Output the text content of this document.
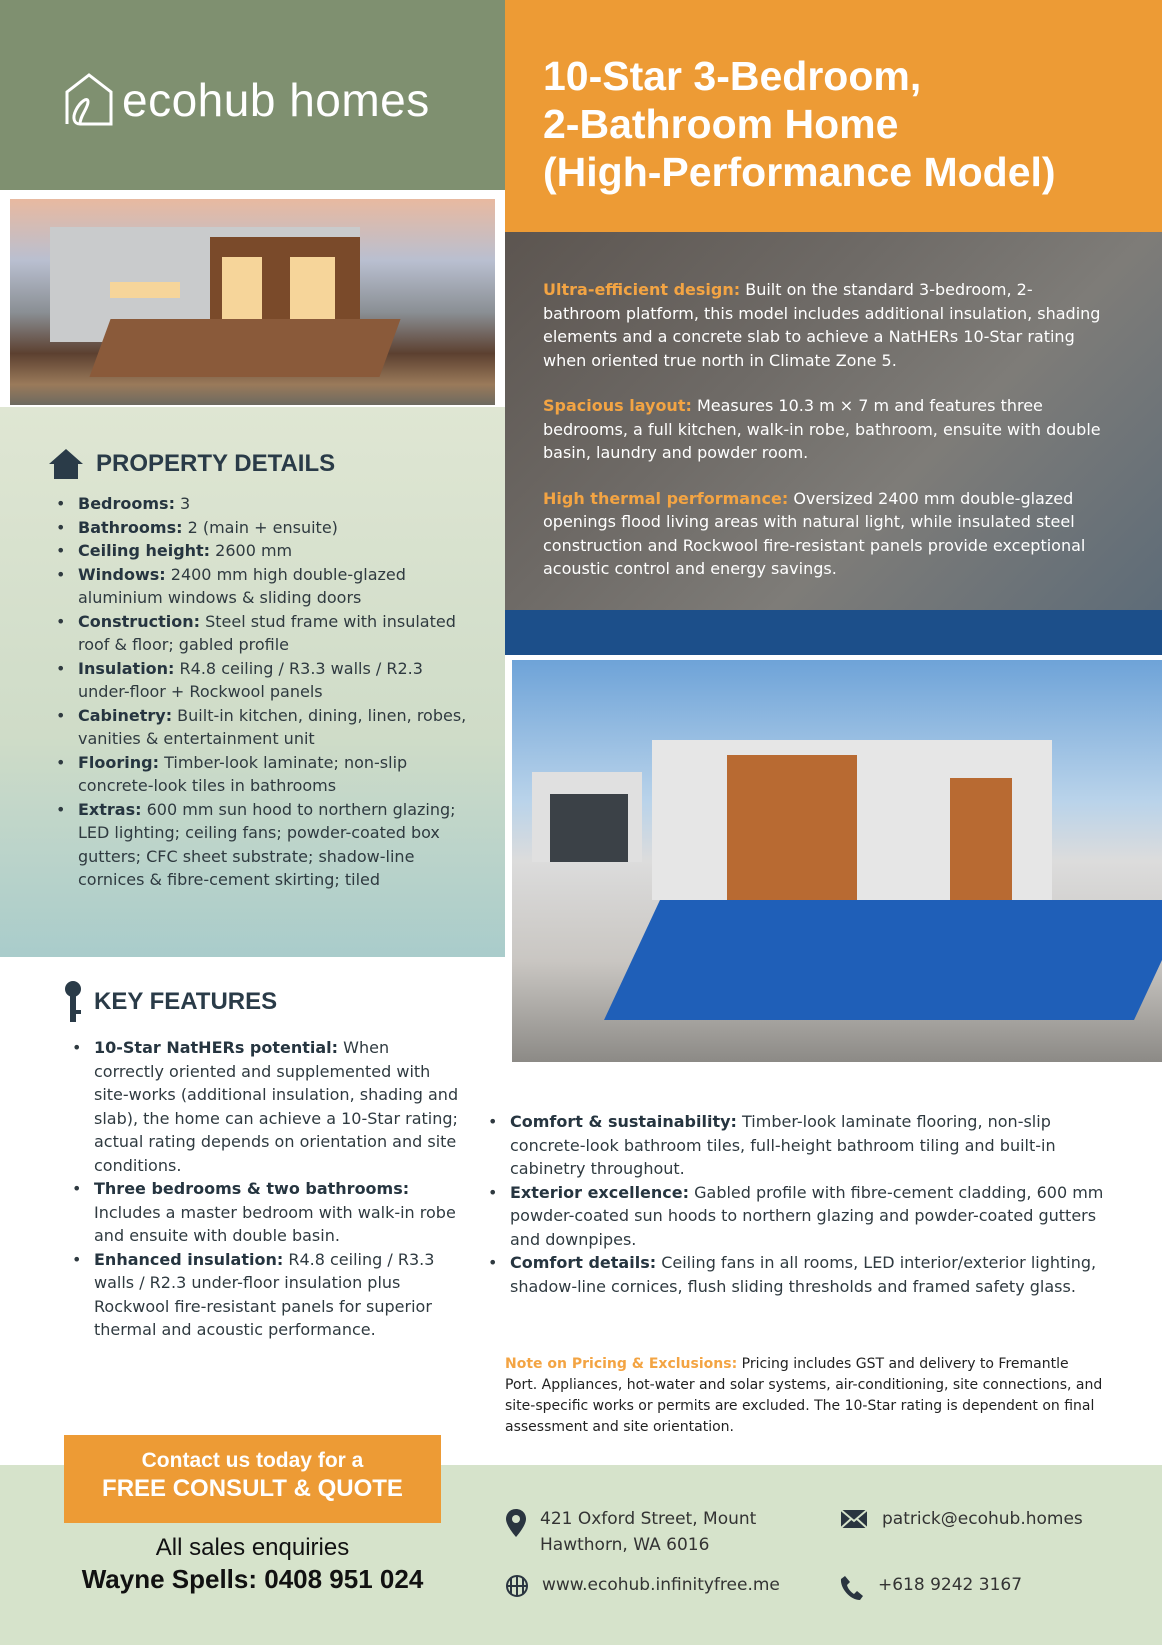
ecohub homes	10-Star 3-Bedroom,
2-Bathroom Home
(High-Performance Model)
PROPERTY DETAILS
• Bedrooms: 3
• Bathrooms: 2 (main + ensuite)
• Ceiling height: 2600 mm
• Windows: 2400 mm high double-glazed aluminium windows & sliding doors
• Construction: Steel stud frame with insulated roof & floor; gabled profile
• Insulation: R4.8 ceiling / R3.3 walls / R2.3 under-floor + Rockwool panels
• Cabinetry: Built-in kitchen, dining, linen, robes, vanities & entertainment unit
• Flooring: Timber-look laminate; non-slip concrete-look tiles in bathrooms
• Extras: 600 mm sun hood to northern glazing; LED lighting; ceiling fans; powder-coated box gutters; CFC sheet substrate; shadow-line cornices & fibre-cement skirting; tiled

Ultra-efficient design: Built on the standard 3-bedroom, 2-bathroom platform, this model includes additional insulation, shading elements and a concrete slab to achieve a NatHERs 10-Star rating when oriented true north in Climate Zone 5.

Spacious layout: Measures 10.3 m × 7 m and features three bedrooms, a full kitchen, walk-in robe, bathroom, ensuite with double basin, laundry and powder room.

High thermal performance: Oversized 2400 mm double-glazed openings flood living areas with natural light, while insulated steel construction and Rockwool fire-resistant panels provide exceptional acoustic control and energy savings.

KEY FEATURES
• 10-Star NatHERs potential: When correctly oriented and supplemented with site-works (additional insulation, shading and slab), the home can achieve a 10-Star rating; actual rating depends on orientation and site conditions.
• Three bedrooms & two bathrooms: Includes a master bedroom with walk-in robe and ensuite with double basin.
• Enhanced insulation: R4.8 ceiling / R3.3 walls / R2.3 under-floor insulation plus Rockwool fire-resistant panels for superior thermal and acoustic performance.
• Comfort & sustainability: Timber-look laminate flooring, non-slip concrete-look bathroom tiles, full-height bathroom tiling and built-in cabinetry throughout.
• Exterior excellence: Gabled profile with fibre-cement cladding, 600 mm powder-coated sun hoods to northern glazing and powder-coated gutters and downpipes.
• Comfort details: Ceiling fans in all rooms, LED interior/exterior lighting, shadow-line cornices, flush sliding thresholds and framed safety glass.
Note on Pricing & Exclusions: Pricing includes GST and delivery to Fremantle Port. Appliances, hot-water and solar systems, air-conditioning, site connections, and site-specific works or permits are excluded. The 10-Star rating is dependent on final assessment and site orientation.
Contact us today for a
FREE CONSULT & QUOTE
All sales enquiries
Wayne Spells: 0408 951 024
421 Oxford Street, Mount
Hawthorn, WA 6016
patrick@ecohub.homes
www.ecohub.infinityfree.me	+618 9242 3167
